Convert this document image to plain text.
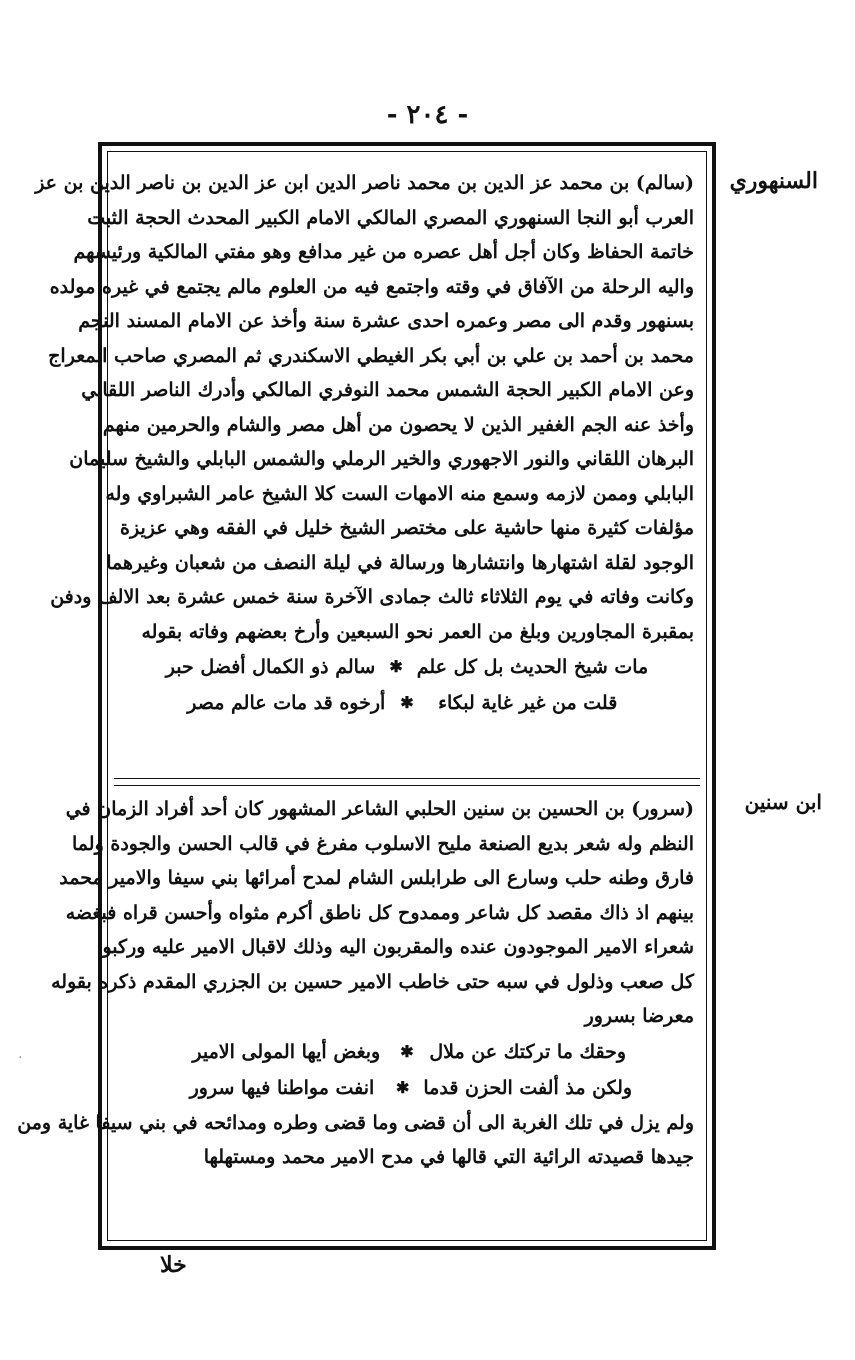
- ٢٠٤ -
السنهوري
ابن سنين
(سالم) بن محمد عز الدين بن محمد ناصر الدين ابن عز الدين بن ناصر الدين بن عز
العرب أبو النجا السنهوري المصري المالكي الامام الكبير المحدث الحجة الثبت
خاتمة الحفاظ وكان أجل أهل عصره من غير مدافع وهو مفتي المالكية ورئيسهم
واليه الرحلة من الآفاق في وقته واجتمع فيه من العلوم مالم يجتمع في غيره مولده
بسنهور وقدم الى مصر وعمره احدى عشرة سنة وأخذ عن الامام المسند النجم
محمد بن أحمد بن علي بن أبي بكر الغيطي الاسكندري ثم المصري صاحب المعراج
وعن الامام الكبير الحجة الشمس محمد النوفري المالكي وأدرك الناصر اللقاني
وأخذ عنه الجم الغفير الذين لا يحصون من أهل مصر والشام والحرمين منهم
البرهان اللقاني والنور الاجهوري والخير الرملي والشمس البابلي والشيخ سليمان
البابلي وممن لازمه وسمع منه الامهات الست كلا الشيخ عامر الشبراوي وله
مؤلفات كثيرة منها حاشية على مختصر الشيخ خليل في الفقه وهي عزيزة
الوجود لقلة اشتهارها وانتشارها ورسالة في ليلة النصف من شعبان وغيرهما
وكانت وفاته في يوم الثلاثاء ثالث جمادى الآخرة سنة خمس عشرة بعد الالف ودفن
بمقبرة المجاورين وبلغ من العمر نحو السبعين وأرخ بعضهم وفاته بقوله
مات شيخ الحديث بل كل علم
✱
سالم ذو الكمال أفضل حبر
قلت من غير غاية لبكاء
✱
أرخوه قد مات عالم مصر
(سرور) بن الحسين بن سنين الحلبي الشاعر المشهور كان أحد أفراد الزمان في
النظم وله شعر بديع الصنعة مليح الاسلوب مفرغ في قالب الحسن والجودة ولما
فارق وطنه حلب وسارع الى طرابلس الشام لمدح أمرائها بني سيفا والامير محمد
بينهم اذ ذاك مقصد كل شاعر وممدوح كل ناطق أكرم مثواه وأحسن قراه فبغضه
شعراء الامير الموجودون عنده والمقربون اليه وذلك لاقبال الامير عليه وركبوا
كل صعب وذلول في سبه حتى خاطب الامير حسين بن الجزري المقدم ذكره بقوله
معرضا بسرور
وحقك ما تركتك عن ملال
✱
وبغض أيها المولى الامير
ولكن مذ ألفت الحزن قدما
✱
انفت مواطنا فيها سرور
ولم يزل في تلك الغربة الى أن قضى وما قضى وطره ومدائحه في بني سيفا غاية ومن
جيدها قصيدته الرائية التي قالها في مدح الامير محمد ومستهلها
خلا
·
